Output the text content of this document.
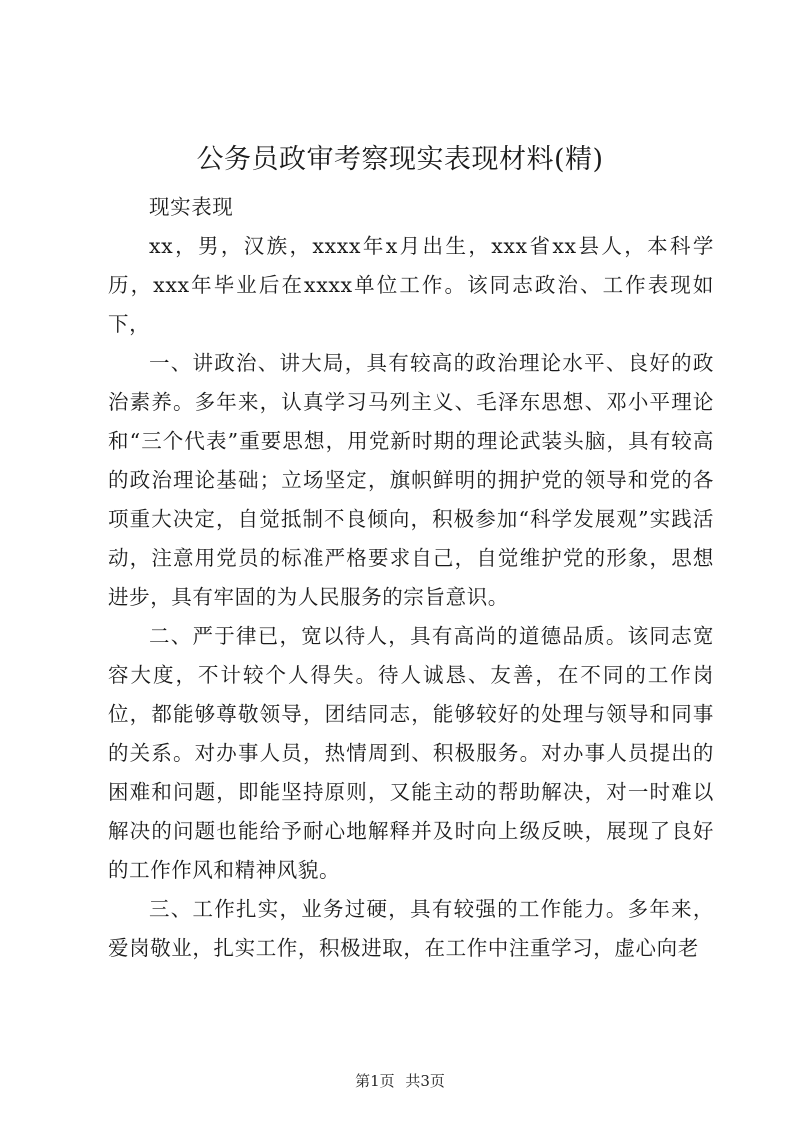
公务员政审考察现实表现材料(精)

现实表现

xx，男，汉族，xxxx年x月出生，xxx省xx县人，本科学历，xxx年毕业后在xxxx单位工作。该同志政治、工作表现如下，

一、讲政治、讲大局，具有较高的政治理论水平、良好的政治素养。多年来，认真学习马列主义、毛泽东思想、邓小平理论和“三个代表”重要思想，用党新时期的理论武装头脑，具有较高的政治理论基础；立场坚定，旗帜鲜明的拥护党的领导和党的各项重大决定，自觉抵制不良倾向，积极参加“科学发展观”实践活动，注意用党员的标准严格要求自己，自觉维护党的形象，思想进步，具有牢固的为人民服务的宗旨意识。

二、严于律已，宽以待人，具有高尚的道德品质。该同志宽容大度，不计较个人得失。待人诚恳、友善，在不同的工作岗位，都能够尊敬领导，团结同志，能够较好的处理与领导和同事的关系。对办事人员，热情周到、积极服务。对办事人员提出的困难和问题，即能坚持原则，又能主动的帮助解决，对一时难以解决的问题也能给予耐心地解释并及时向上级反映，展现了良好的工作作风和精神风貌。

三、工作扎实，业务过硬，具有较强的工作能力。多年来，爱岗敬业，扎实工作，积极进取，在工作中注重学习，虚心向老

第1页 共3页
